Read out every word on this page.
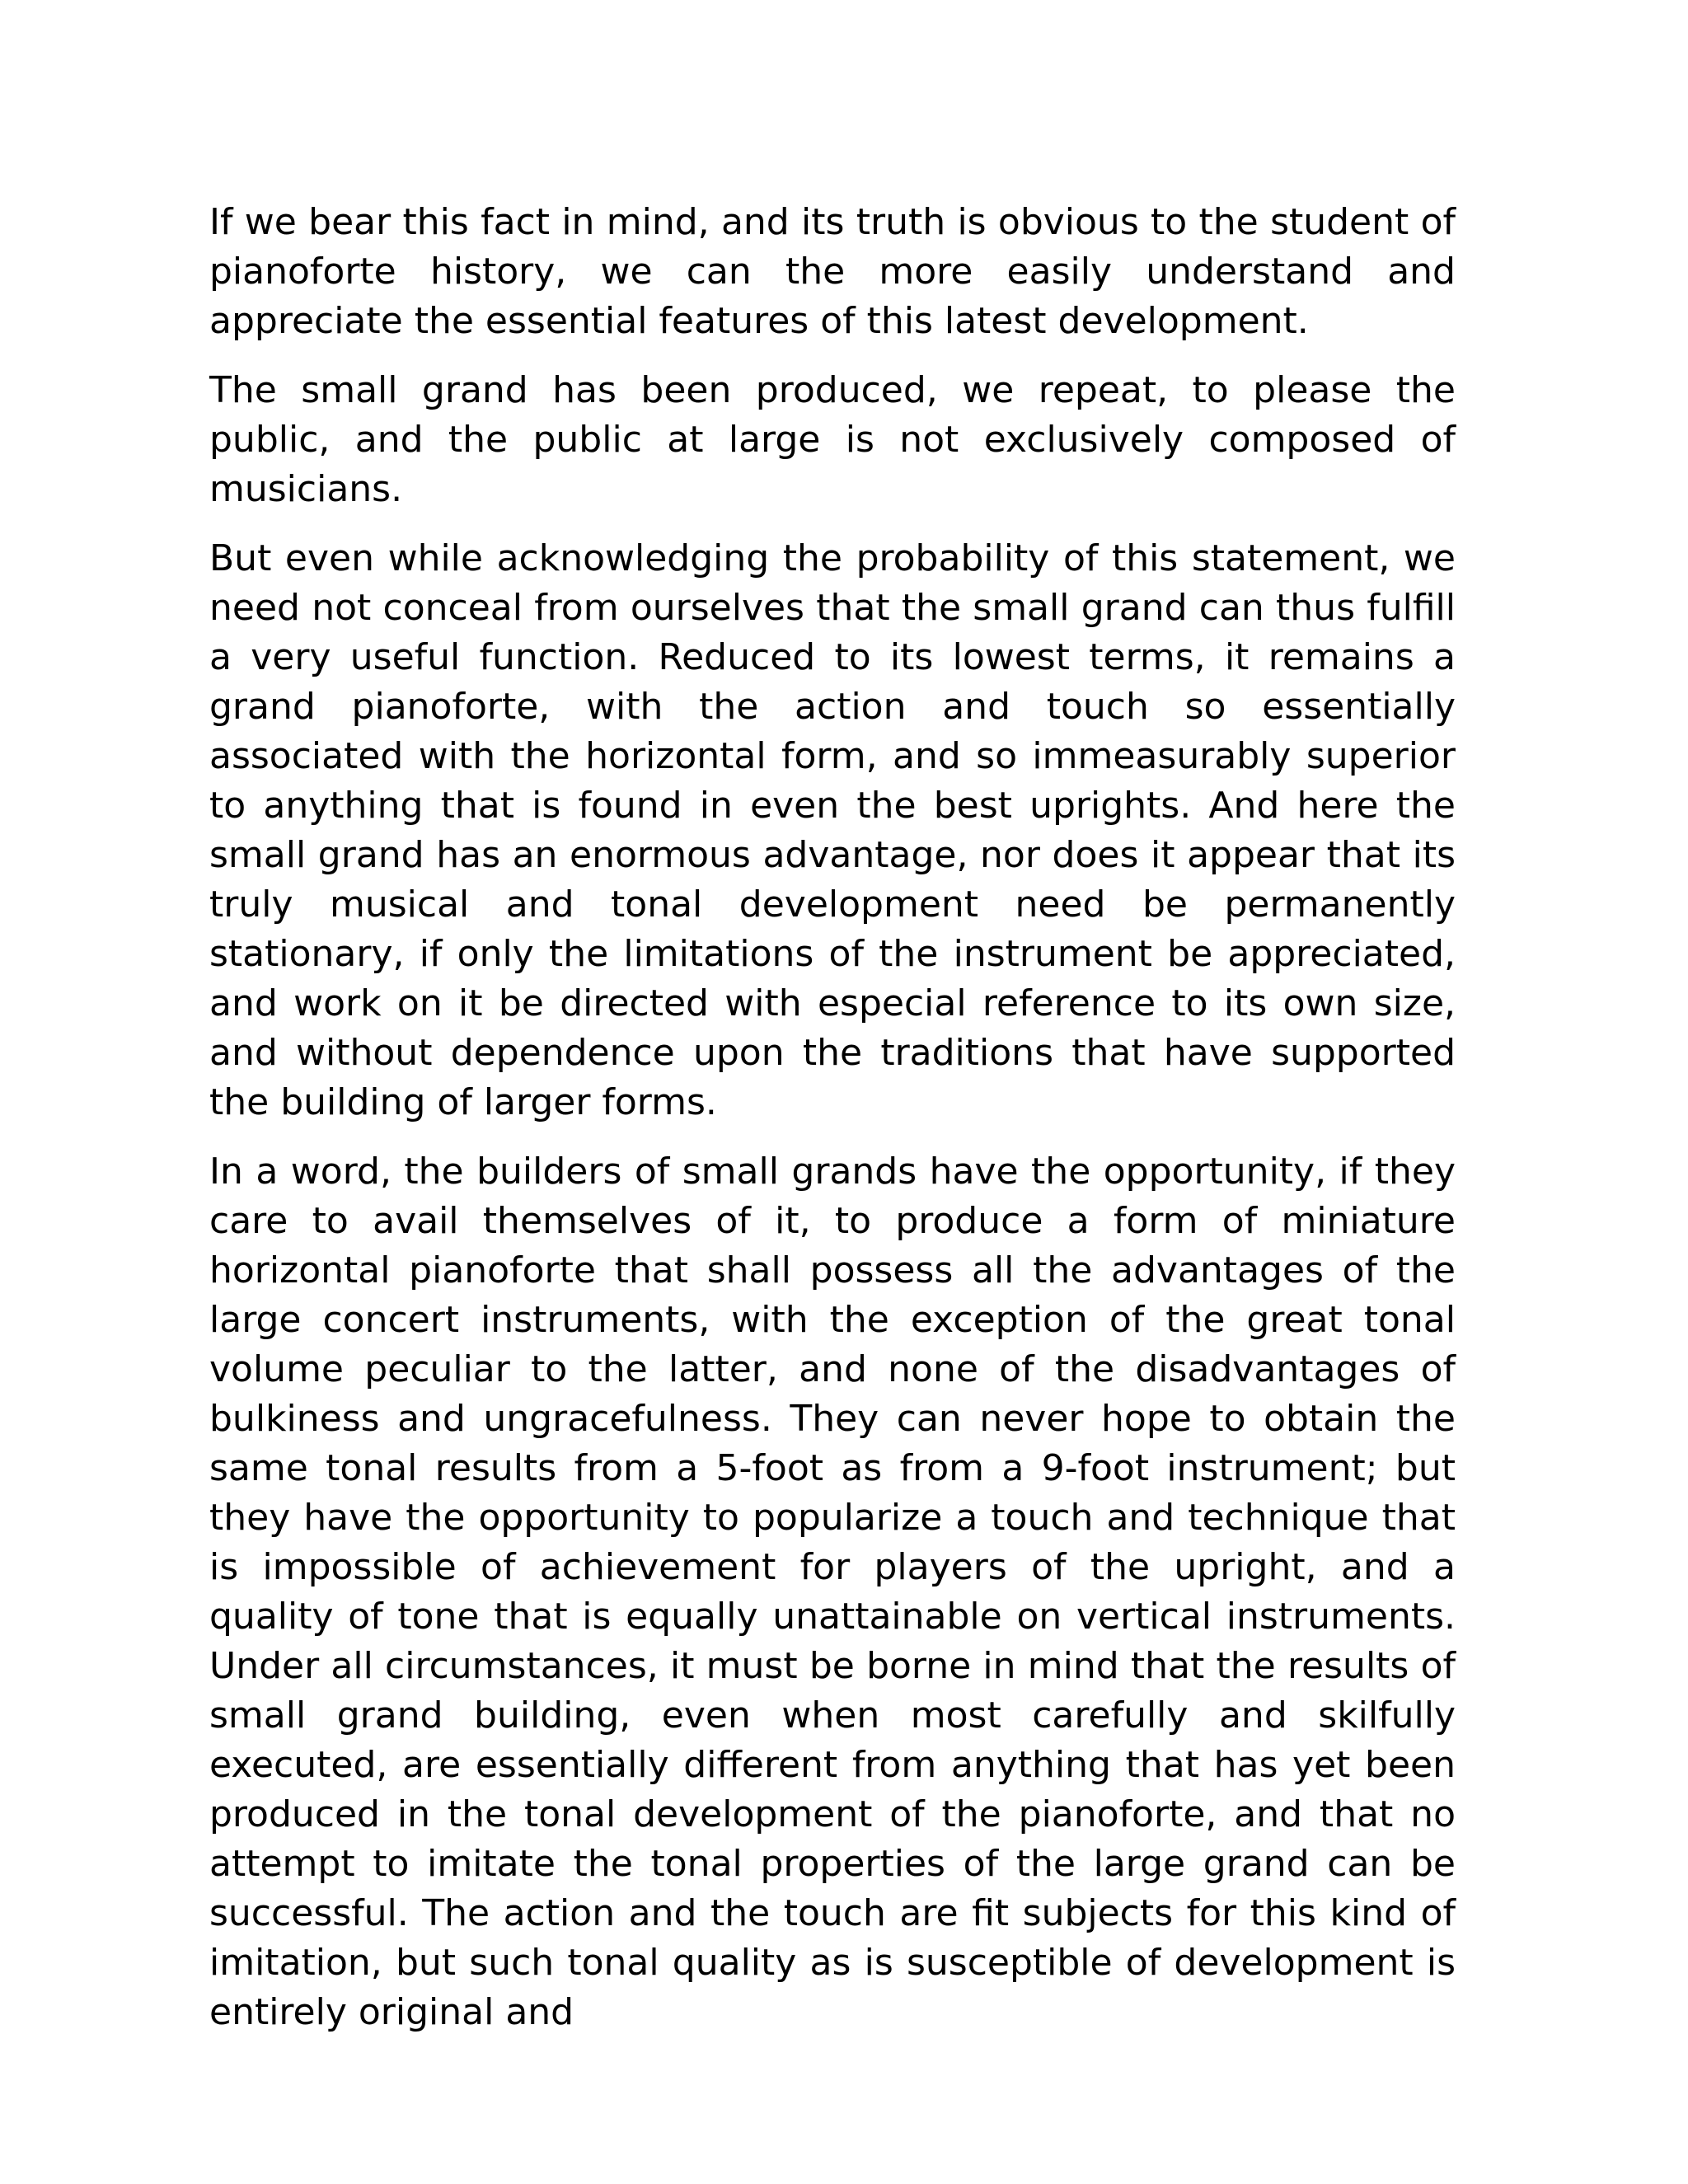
If we bear this fact in mind, and its truth is obvious to the student of pianoforte history, we can the more easily understand and appreciate the essential features of this latest development.

The small grand has been produced, we repeat, to please the public, and the public at large is not exclusively composed of musicians.

But even while acknowledging the probability of this statement, we need not conceal from ourselves that the small grand can thus fulfill a very useful function. Reduced to its lowest terms, it remains a grand pianoforte, with the action and touch so essentially associated with the horizontal form, and so immeasurably superior to anything that is found in even the best uprights. And here the small grand has an enormous advantage, nor does it appear that its truly musical and tonal development need be permanently stationary, if only the limitations of the instrument be appreciated, and work on it be directed with especial reference to its own size, and without dependence upon the traditions that have supported the building of larger forms.

In a word, the builders of small grands have the opportunity, if they care to avail themselves of it, to produce a form of miniature horizontal pianoforte that shall possess all the advantages of the large concert instruments, with the exception of the great tonal volume peculiar to the latter, and none of the disadvantages of bulkiness and ungracefulness. They can never hope to obtain the same tonal results from a 5-foot as from a 9-foot instrument; but they have the opportunity to popularize a touch and technique that is impossible of achievement for players of the upright, and a quality of tone that is equally unattainable on vertical instruments. Under all circumstances, it must be borne in mind that the results of small grand building, even when most carefully and skilfully executed, are essentially different from anything that has yet been produced in the tonal development of the pianoforte, and that no attempt to imitate the tonal properties of the large grand can be successful. The action and the touch are fit subjects for this kind of imitation, but such tonal quality as is susceptible of development is entirely original and
